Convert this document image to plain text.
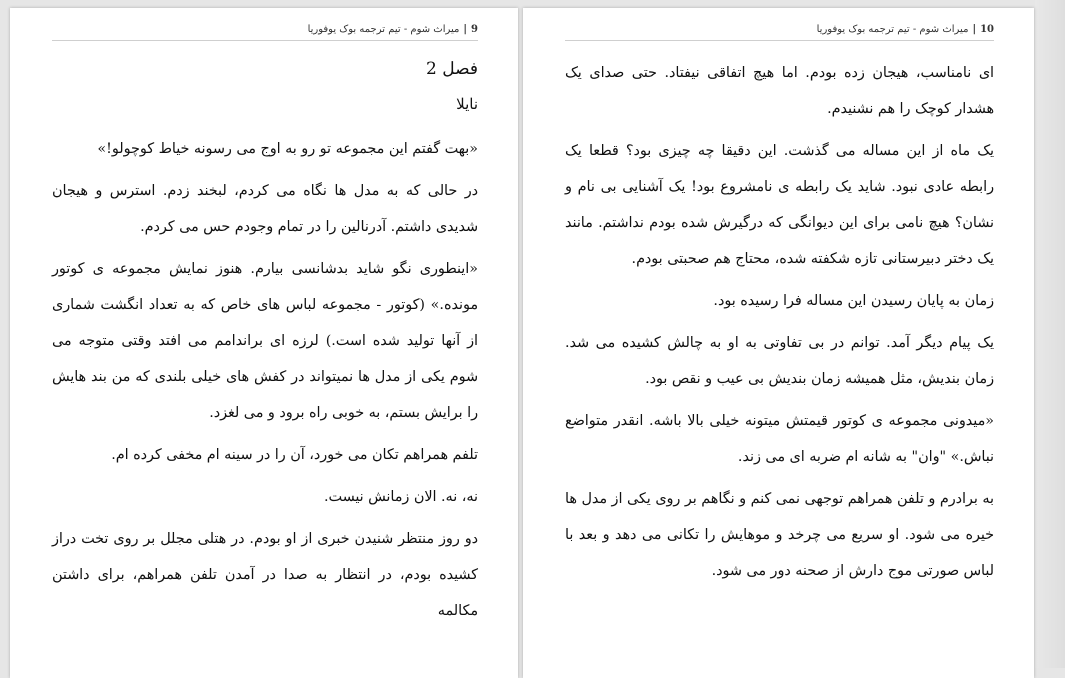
9|میراث شوم - تیم ترجمه بوک یوفوریا
فصل 2
نایلا

«بهت گفتم این مجموعه تو رو به اوج می رسونه خیاط کوچولو!»

در حالی که به مدل ها نگاه می کردم، لبخند زدم. استرس و هیجان شدیدی داشتم. آدرنالین را در تمام وجودم حس می کردم.

«اینطوری نگو شاید بدشانسی بیارم. هنوز نمایش مجموعه ی کوتور مونده.» (کوتور - مجموعه لباس های خاص که به تعداد انگشت شماری از آنها تولید شده است.) لرزه ای براندامم می افتد وقتی متوجه می شوم یکی از مدل ها نمیتواند در کفش های خیلی بلندی که من بند هایش را برایش بستم، به خوبی راه برود و می لغزد.

تلفم همراهم تکان می خورد، آن را در سینه ام مخفی کرده ام.

نه، نه. الان زمانش نیست.

دو روز منتظر شنیدن خبری از او بودم. در هتلی مجلل بر روی تخت دراز کشیده بودم، در انتظار به صدا در آمدن تلفن همراهم، برای داشتن مکالمه

10|میراث شوم - تیم ترجمه بوک یوفوریا

ای نامناسب، هیجان زده بودم. اما هیچ اتفاقی نیفتاد. حتی صدای یک هشدار کوچک را هم نشنیدم.

یک ماه از این مساله می گذشت. این دقیقا چه چیزی بود؟ قطعا یک رابطه عادی نبود. شاید یک رابطه ی نامشروع بود! یک آشنایی بی نام و نشان؟ هیچ نامی برای این دیوانگی که درگیرش شده بودم نداشتم. مانند یک دختر دبیرستانی تازه شکفته شده، محتاج هم صحبتی بودم.

زمان به پایان رسیدن این مساله فرا رسیده بود.

یک پیام دیگر آمد. توانم در بی تفاوتی به او به چالش کشیده می شد. زمان بندیش، مثل همیشه زمان بندیش بی عیب و نقص بود.

«میدونی مجموعه ی کوتور قیمتش میتونه خیلی بالا باشه. انقدر متواضع نباش.» "وان" به شانه ام ضربه ای می زند.

به برادرم و تلفن همراهم توجهی نمی کنم و نگاهم بر روی یکی از مدل ها خیره می شود. او سریع می چرخد و موهایش را تکانی می دهد و بعد با لباس صورتی موج دارش از صحنه دور می شود.
